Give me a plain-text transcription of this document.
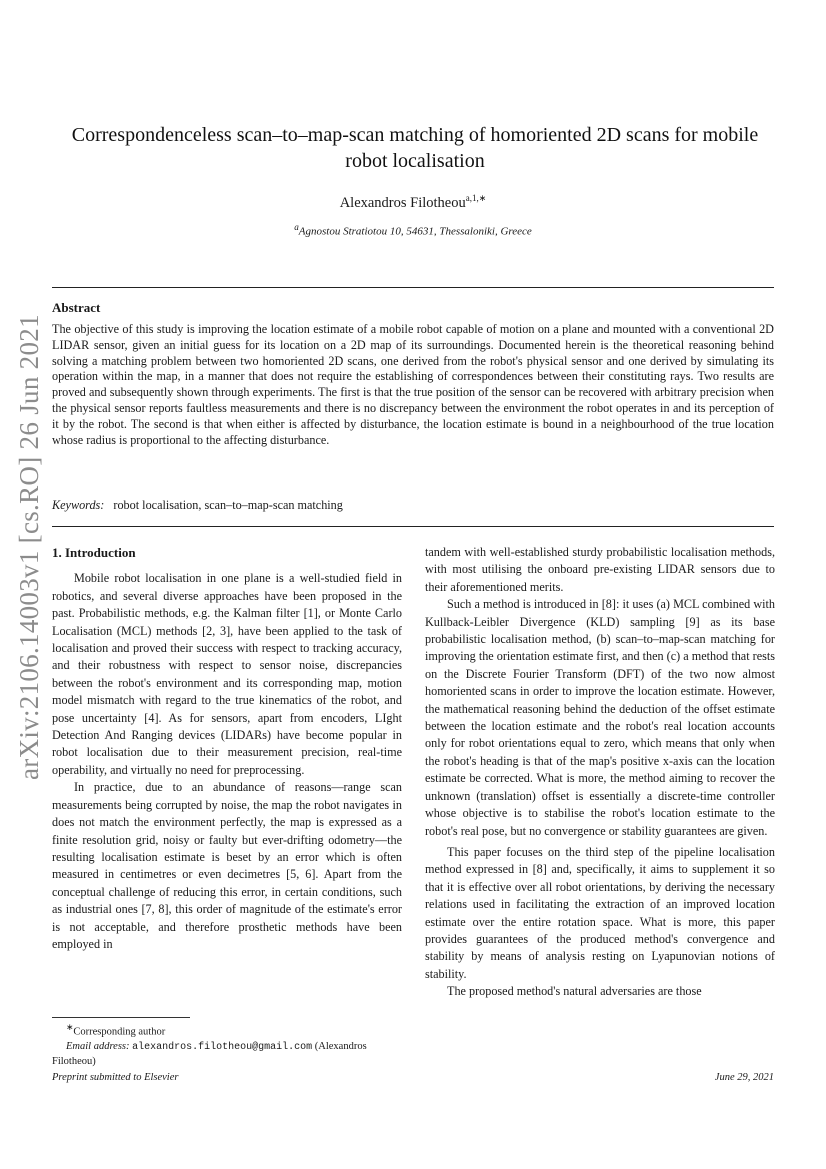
arXiv:2106.14003v1 [cs.RO] 26 Jun 2021
Correspondenceless scan–to–map-scan matching of homoriented 2D scans for mobile robot localisation
Alexandros Filotheou$^{a,1,∗}$
$^a$Agnostou Stratiotou 10, 54631, Thessaloniki, Greece
Abstract
The objective of this study is improving the location estimate of a mobile robot capable of motion on a plane and mounted with a conventional 2D LIDAR sensor, given an initial guess for its location on a 2D map of its surroundings. Documented herein is the theoretical reasoning behind solving a matching problem between two homoriented 2D scans, one derived from the robot's physical sensor and one derived by simulating its operation within the map, in a manner that does not require the establishing of correspondences between their constituting rays. Two results are proved and subsequently shown through experiments. The first is that the true position of the sensor can be recovered with arbitrary precision when the physical sensor reports faultless measurements and there is no discrepancy between the environment the robot operates in and its perception of it by the robot. The second is that when either is affected by disturbance, the location estimate is bound in a neighbourhood of the true location whose radius is proportional to the affecting disturbance.
Keywords: robot localisation, scan–to–map-scan matching

1. Introduction

Mobile robot localisation in one plane is a well-studied field in robotics, and several diverse approaches have been proposed in the past. Probabilistic methods, e.g. the Kalman filter [1], or Monte Carlo Localisation (MCL) methods [2, 3], have been applied to the task of localisation and proved their success with respect to tracking accuracy, and their robustness with respect to sensor noise, discrepancies between the robot's environment and its corresponding map, motion model mismatch with regard to the true kinematics of the robot, and pose uncertainty [4]. As for sensors, apart from encoders, LIght Detection And Ranging devices (LIDARs) have become popular in robot localisation due to their measurement precision, real-time operability, and virtually no need for preprocessing.

In practice, due to an abundance of reasons—range scan measurements being corrupted by noise, the map the robot navigates in does not match the environment perfectly, the map is expressed as a finite resolution grid, noisy or faulty but ever-drifting odometry—the resulting localisation estimate is beset by an error which is often measured in centimetres or even decimetres [5, 6]. Apart from the conceptual challenge of reducing this error, in certain conditions, such as industrial ones [7, 8], this order of magnitude of the estimate's error is not acceptable, and therefore prosthetic methods have been employed in

tandem with well-established sturdy probabilistic localisation methods, with most utilising the onboard pre-existing LIDAR sensors due to their aforementioned merits.

Such a method is introduced in [8]: it uses (a) MCL combined with Kullback-Leibler Divergence (KLD) sampling [9] as its base probabilistic localisation method, (b) scan–to–map-scan matching for improving the orientation estimate first, and then (c) a method that rests on the Discrete Fourier Transform (DFT) of the two now almost homoriented scans in order to improve the location estimate. However, the mathematical reasoning behind the deduction of the offset estimate between the location estimate and the robot's real location accounts only for robot orientations equal to zero, which means that only when the robot's heading is that of the map's positive x-axis can the location estimate be corrected. What is more, the method aiming to recover the unknown (translation) offset is essentially a discrete-time controller whose objective is to stabilise the robot's location estimate to the robot's real pose, but no convergence or stability guarantees are given.

This paper focuses on the third step of the pipeline localisation method expressed in [8] and, specifically, it aims to supplement it so that it is effective over all robot orientations, by deriving the necessary relations used in facilitating the extraction of an improved location estimate over the entire rotation space. What is more, this paper provides guarantees of the produced method's convergence and stability by means of analysis resting on Lyapunovian notions of stability.

The proposed method's natural adversaries are those

∗Corresponding author
Email address: alexandros.filotheou@gmail.com (Alexandros Filotheou)
Preprint submitted to Elsevier	June 29, 2021
